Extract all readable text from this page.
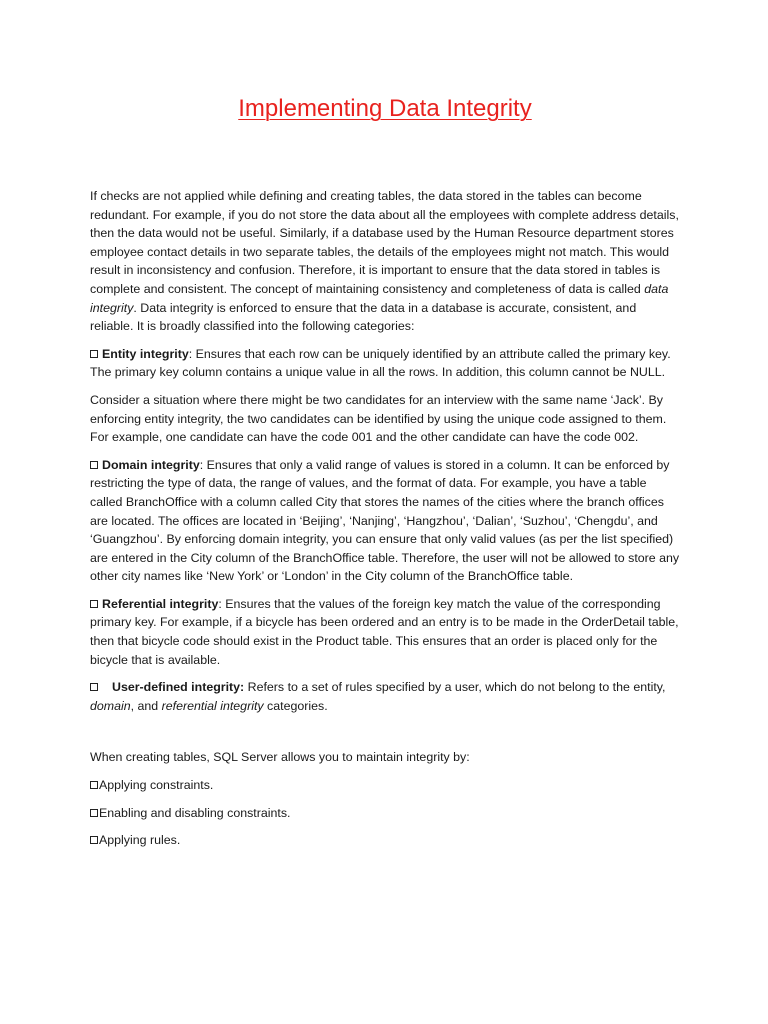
Implementing Data Integrity

If checks are not applied while defining and creating tables, the data stored in the tables can become redundant. For example, if you do not store the data about all the employees with complete address details, then the data would not be useful. Similarly, if a database used by the Human Resource department stores employee contact details in two separate tables, the details of the employees might not match. This would result in inconsistency and confusion. Therefore, it is important to ensure that the data stored in tables is complete and consistent. The concept of maintaining consistency and completeness of data is called data integrity. Data integrity is enforced to ensure that the data in a database is accurate, consistent, and reliable. It is broadly classified into the following categories:

Entity integrity: Ensures that each row can be uniquely identified by an attribute called the primary key. The primary key column contains a unique value in all the rows. In addition, this column cannot be NULL.

Consider a situation where there might be two candidates for an interview with the same name ‘Jack’. By enforcing entity integrity, the two candidates can be identified by using the unique code assigned to them. For example, one candidate can have the code 001 and the other candidate can have the code 002.

Domain integrity: Ensures that only a valid range of values is stored in a column. It can be enforced by restricting the type of data, the range of values, and the format of data. For example, you have a table called BranchOffice with a column called City that stores the names of the cities where the branch offices are located. The offices are located in ‘Beijing’, ‘Nanjing’, ‘Hangzhou’, ‘Dalian’, ‘Suzhou’, ‘Chengdu’, and ‘Guangzhou’. By enforcing domain integrity, you can ensure that only valid values (as per the list specified) are entered in the City column of the BranchOffice table. Therefore, the user will not be allowed to store any other city names like ‘New York’ or ‘London’ in the City column of the BranchOffice table.

Referential integrity: Ensures that the values of the foreign key match the value of the corresponding primary key. For example, if a bicycle has been ordered and an entry is to be made in the OrderDetail table, then that bicycle code should exist in the Product table. This ensures that an order is placed only for the bicycle that is available.

User-defined integrity: Refers to a set of rules specified by a user, which do not belong to the entity, domain, and referential integrity categories.

When creating tables, SQL Server allows you to maintain integrity by:

Applying constraints.

Enabling and disabling constraints.

Applying rules.
